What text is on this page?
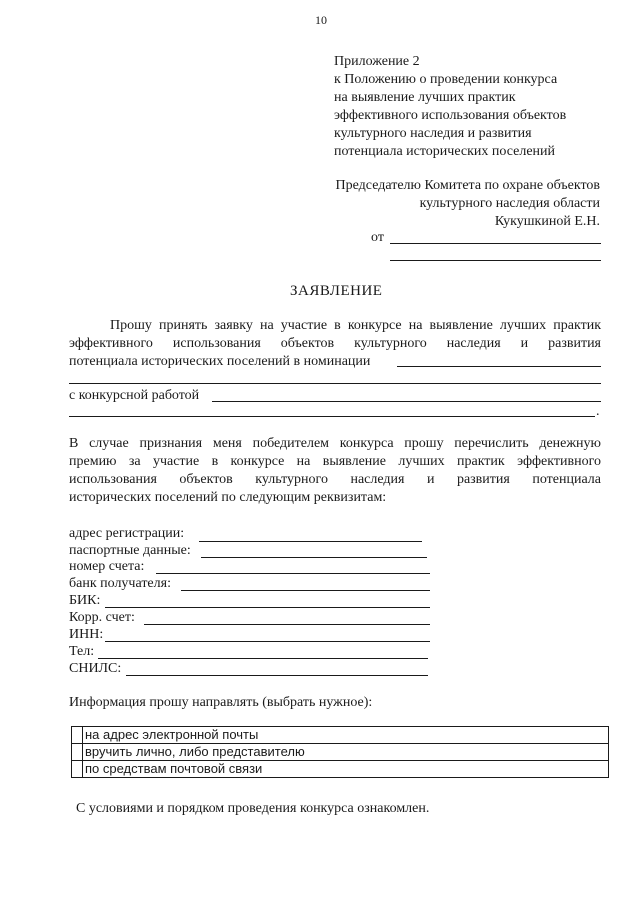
10
Приложение 2
к Положению о проведении конкурса
на выявление лучших практик
эффективного использования объектов
культурного наследия и развития
потенциала исторических поселений
Председателю Комитета по охране объектов
культурного наследия области
Кукушкиной Е.Н.
от
ЗАЯВЛЕНИЕ
Прошу принять заявку на участие в конкурсе на выявление лучших практик
эффективного использования объектов культурного наследия и развития
потенциала исторических поселений в номинации
с конкурсной работой
.
В случае признания меня победителем конкурса прошу перечислить денежную
премию за участие в конкурсе на выявление лучших практик эффективного
использования объектов культурного наследия и развития потенциала
исторических поселений по следующим реквизитам:
адрес регистрации:
паспортные данные:
номер счета:
банк получателя:
БИК:
Корр. счет:
ИНН:
Тел:
СНИЛС:
Информация прошу направлять (выбрать нужное):
	на адрес электронной почты
	вручить лично, либо представителю
	по средствам почтовой связи
С условиями и порядком проведения конкурса ознакомлен.
